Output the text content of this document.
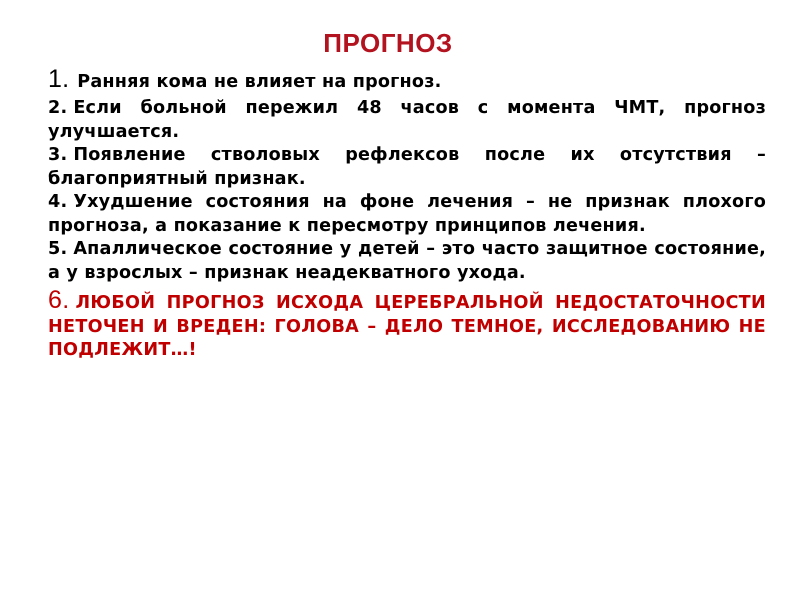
ПРОГНОЗ
1. Ранняя кома не влияет на прогноз.
2. Если больной пережил 48 часов с момента ЧМТ, прогноз улучшается.
3. Появление стволовых рефлексов после их отсутствия – благоприятный признак.
4. Ухудшение состояния на фоне лечения – не признак плохого прогноза, а показание к пересмотру принципов лечения.
5. Апаллическое состояние у детей – это часто защитное состояние, а у взрослых – признак неадекватного ухода.
6. ЛЮБОЙ ПРОГНОЗ ИСХОДА ЦЕРЕБРАЛЬНОЙ НЕДОСТАТОЧНОСТИ НЕТОЧЕН И ВРЕДЕН: ГОЛОВА – ДЕЛО ТЕМНОЕ, ИССЛЕДОВАНИЮ НЕ ПОДЛЕЖИТ…!
